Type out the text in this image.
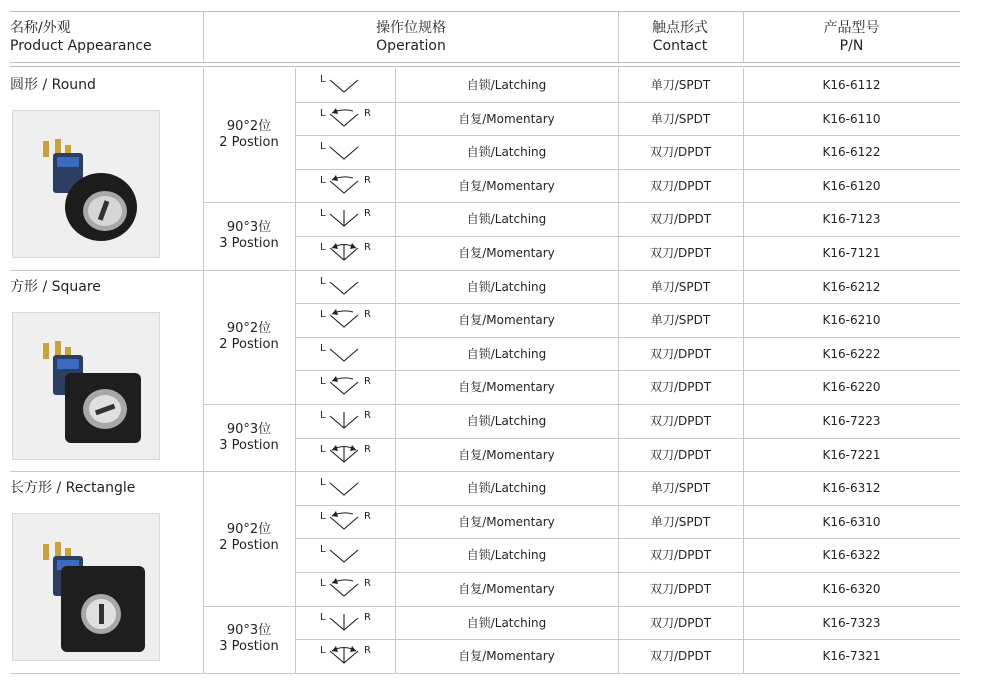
名称/外观
Product Appearance
操作位规格
Operation
触点形式
Contact
产品型号
P/N
圆形 / Round
90°2位
2 Postion
L	自锁/Latching	单刀/SPDT	K16-6112
L	R	自复/Momentary	单刀/SPDT	K16-6110
L	自锁/Latching	双刀/DPDT	K16-6122
L	R	自复/Momentary	双刀/DPDT	K16-6120
90°3位
3 Postion
L	R	自锁/Latching	双刀/DPDT	K16-7123
L	R	自复/Momentary	双刀/DPDT	K16-7121
方形 / Square
90°2位
2 Postion
L	自锁/Latching	单刀/SPDT	K16-6212
L	R	自复/Momentary	单刀/SPDT	K16-6210
L	自锁/Latching	双刀/DPDT	K16-6222
L	R	自复/Momentary	双刀/DPDT	K16-6220
90°3位
3 Postion
L	R	自锁/Latching	双刀/DPDT	K16-7223
L	R	自复/Momentary	双刀/DPDT	K16-7221
长方形 / Rectangle
90°2位
2 Postion
L	自锁/Latching	单刀/SPDT	K16-6312
L	R	自复/Momentary	单刀/SPDT	K16-6310
L	自锁/Latching	双刀/DPDT	K16-6322
L	R	自复/Momentary	双刀/DPDT	K16-6320
90°3位
3 Postion
L	R	自锁/Latching	双刀/DPDT	K16-7323
L	R	自复/Momentary	双刀/DPDT	K16-7321
